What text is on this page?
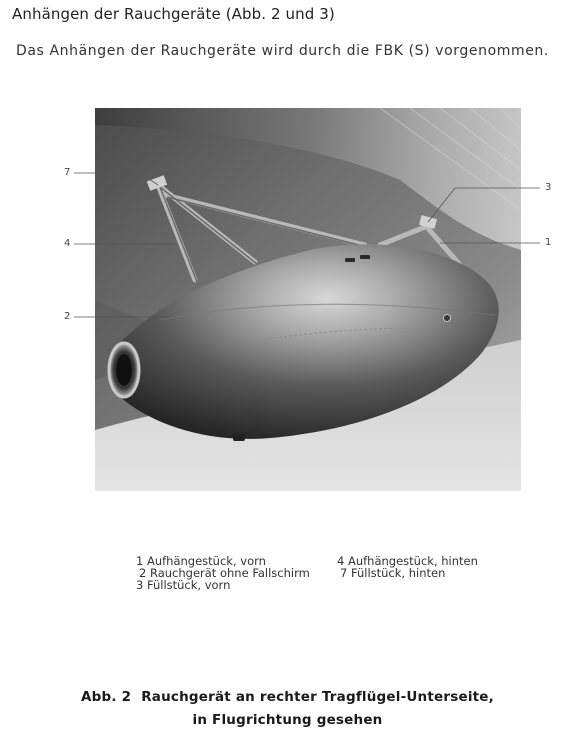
Anhängen der Rauchgeräte (Abb. 2 und 3)
Das Anhängen der Rauchgeräte wird durch die FBK (S) vorgenommen.
7
4
2
3
1
1 Aufhängestück, vorn
2 Rauchgerät ohne Fallschirm
3 Füllstück, vorn
4 Aufhängestück, hinten
7 Füllstück, hinten
Abb. 2 Rauchgerät an rechter Tragflügel-Unterseite,
in Flugrichtung gesehen
